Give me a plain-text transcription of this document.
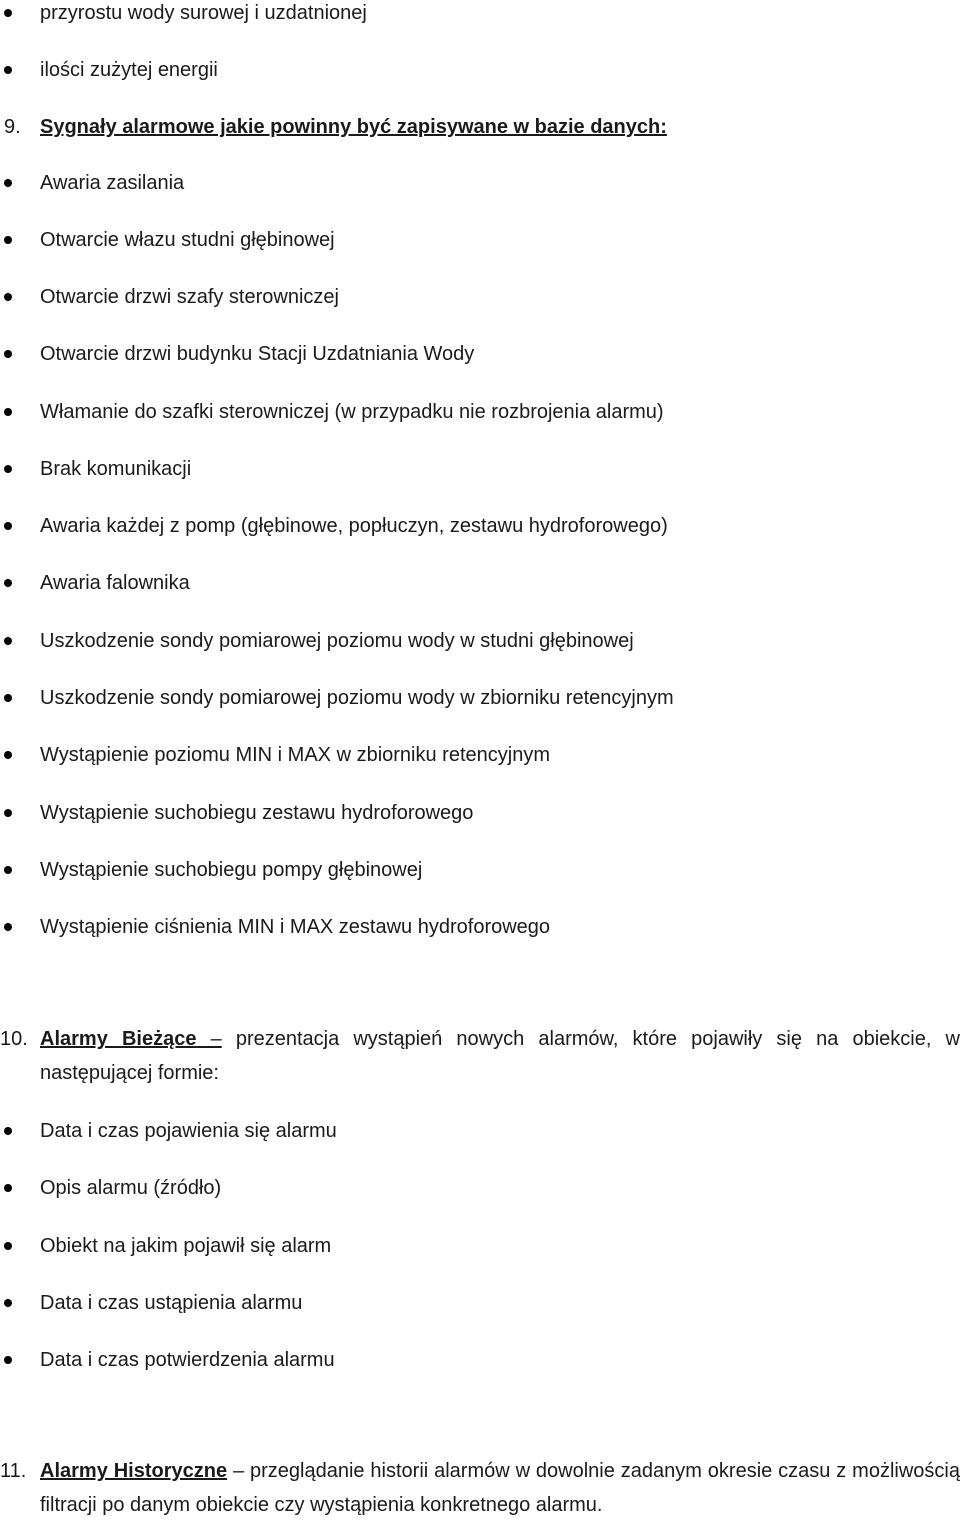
przyrostu wody surowej i uzdatnionej
ilości zużytej energii
9. Sygnały alarmowe jakie powinny być zapisywane w bazie danych:
Awaria zasilania
Otwarcie włazu studni głębinowej
Otwarcie drzwi szafy sterowniczej
Otwarcie drzwi budynku Stacji Uzdatniania Wody
Włamanie do szafki sterowniczej (w przypadku nie rozbrojenia alarmu)
Brak komunikacji
Awaria każdej z pomp (głębinowe, popłuczyn, zestawu hydroforowego)
Awaria falownika
Uszkodzenie sondy pomiarowej poziomu wody w studni głębinowej
Uszkodzenie sondy pomiarowej poziomu wody w zbiorniku retencyjnym
Wystąpienie poziomu MIN i MAX w zbiorniku retencyjnym
Wystąpienie suchobiegu zestawu hydroforowego
Wystąpienie suchobiegu pompy głębinowej
Wystąpienie ciśnienia MIN i MAX zestawu hydroforowego
10. Alarmy Bieżące – prezentacja wystąpień nowych alarmów, które pojawiły się na obiekcie, w następującej formie:
Data i czas pojawienia się alarmu
Opis alarmu (źródło)
Obiekt na jakim pojawił się alarm
Data i czas ustąpienia alarmu
Data i czas potwierdzenia alarmu
11. Alarmy Historyczne – przeglądanie historii alarmów w dowolnie zadanym okresie czasu z możliwością filtracji po danym obiekcie czy wystąpienia konkretnego alarmu.
